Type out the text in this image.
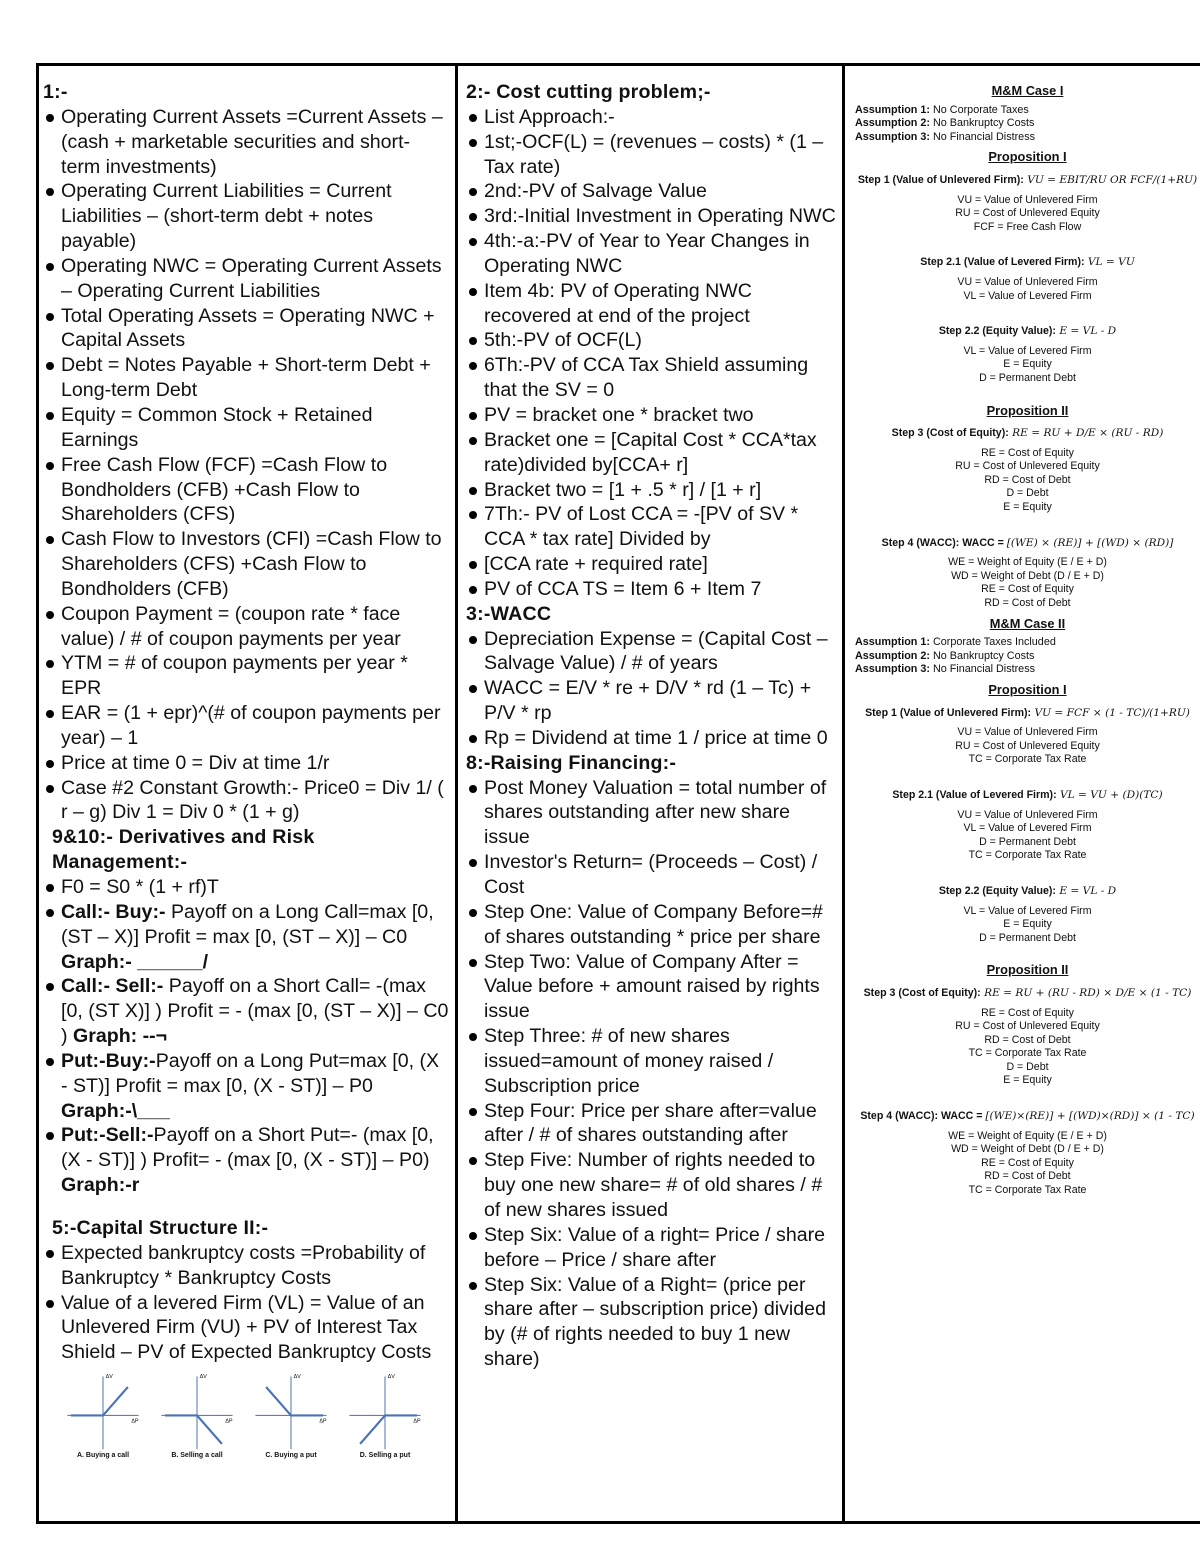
1:-
Operating Current Assets =Current Assets – (cash + marketable securities and short-term investments)
Operating Current Liabilities = Current Liabilities – (short-term debt + notes payable)
Operating NWC = Operating Current Assets – Operating Current Liabilities
Total Operating Assets = Operating NWC + Capital Assets
Debt = Notes Payable + Short-term Debt + Long-term Debt
Equity = Common Stock + Retained Earnings
Free Cash Flow (FCF) =Cash Flow to Bondholders (CFB) +Cash Flow to Shareholders (CFS)
Cash Flow to Investors (CFI) =Cash Flow to Shareholders (CFS) +Cash Flow to Bondholders (CFB)
Coupon Payment = (coupon rate * face value) / # of coupon payments per year
YTM = # of coupon payments per year * EPR
EAR = (1 + epr)^(# of coupon payments per year) – 1
Price at time 0 = Div at time 1/r
Case #2 Constant Growth:- Price0 = Div 1/ ( r – g) Div 1 = Div 0 * (1 + g)
9&10:- Derivatives and Risk Management:-
F0 = S0 * (1 + rf)T
Call:- Buy:- Payoff on a Long Call=max [0, (ST – X)] Profit = max [0, (ST – X)] – C0 Graph:- ______/
Call:- Sell:- Payoff on a Short Call= -(max [0, (ST X)] ) Profit = - (max [0, (ST – X)] – C0 ) Graph: --¬
Put:-Buy:-Payoff on a Long Put=max [0, (X - ST)] Profit = max [0, (X - ST)] – P0
Graph:-\___
Put:-Sell:-Payoff on a Short Put=- (max [0, (X - ST)] ) Profit= - (max [0, (X - ST)] – P0) Graph:-r
5:-Capital Structure II:-
Expected bankruptcy costs =Probability of Bankruptcy * Bankruptcy Costs
Value of a levered Firm (VL) = Value of an Unlevered Firm (VU) + PV of Interest Tax Shield – PV of Expected Bankruptcy Costs
ΔV
ΔP
A. Buying a call
ΔV
ΔP
B. Selling a call
ΔV
ΔP
C. Buying a put
ΔV
ΔP
D. Selling a put
2:- Cost cutting problem;-
List Approach:-
1st;-OCF(L) = (revenues – costs) * (1 – Tax rate)
2nd:-PV of Salvage Value
3rd:-Initial Investment in Operating NWC
4th:-a:-PV of Year to Year Changes in Operating NWC
Item 4b: PV of Operating NWC recovered at end of the project
5th:-PV of OCF(L)
6Th:-PV of CCA Tax Shield assuming that the SV = 0
PV = bracket one * bracket two
Bracket one = [Capital Cost * CCA*tax rate)divided by[CCA+ r]
Bracket two = [1 + .5 * r] / [1 + r]
7Th:- PV of Lost CCA = -[PV of SV * CCA * tax rate] Divided by
[CCA rate + required rate]
PV of CCA TS = Item 6 + Item 7
3:-WACC
Depreciation Expense = (Capital Cost – Salvage Value) / # of years
WACC = E/V * re + D/V * rd (1 – Tc) + P/V * rp
Rp = Dividend at time 1 / price at time 0
8:-Raising Financing:-
Post Money Valuation = total number of shares outstanding after new share issue
Investor's Return= (Proceeds – Cost) / Cost
Step One: Value of Company Before=# of shares outstanding * price per share
Step Two: Value of Company After = Value before + amount raised by rights issue
Step Three: # of new shares issued=amount of money raised / Subscription price
Step Four: Price per share after=value after / # of shares outstanding after
Step Five: Number of rights needed to buy one new share= # of old shares / # of new shares issued
Step Six: Value of a right= Price / share before – Price / share after
Step Six: Value of a Right= (price per share after – subscription price) divided by (# of rights needed to buy 1 new share)
M&M Case I
Assumption 1: No Corporate Taxes
Assumption 2: No Bankruptcy Costs
Assumption 3: No Financial Distress
Proposition I
Step 1 (Value of Unlevered Firm): VU = EBIT/RU OR FCF/(1+RU)
VU = Value of Unlevered Firm
RU = Cost of Unlevered Equity
FCF = Free Cash Flow
Step 2.1 (Value of Levered Firm): VL = VU
VU = Value of Unlevered Firm
VL = Value of Levered Firm
Step 2.2 (Equity Value): E = VL - D
VL = Value of Levered Firm
E = Equity
D = Permanent Debt
Proposition II
Step 3 (Cost of Equity): RE = RU + D/E × (RU - RD)
RE = Cost of Equity
RU = Cost of Unlevered Equity
RD = Cost of Debt
D = Debt
E = Equity
Step 4 (WACC): WACC = [(WE) × (RE)] + [(WD) × (RD)]
WE = Weight of Equity (E / E + D)
WD = Weight of Debt (D / E + D)
RE = Cost of Equity
RD = Cost of Debt
M&M Case II
Assumption 1: Corporate Taxes Included
Assumption 2: No Bankruptcy Costs
Assumption 3: No Financial Distress
Proposition I
Step 1 (Value of Unlevered Firm): VU = FCF × (1 - TC)/(1+RU)
VU = Value of Unlevered Firm
RU = Cost of Unlevered Equity
TC = Corporate Tax Rate
Step 2.1 (Value of Levered Firm): VL = VU + (D)(TC)
VU = Value of Unlevered Firm
VL = Value of Levered Firm
D = Permanent Debt
TC = Corporate Tax Rate
Step 2.2 (Equity Value): E = VL - D
VL = Value of Levered Firm
E = Equity
D = Permanent Debt
Proposition II
Step 3 (Cost of Equity): RE = RU + (RU - RD) × D/E × (1 - TC)
RE = Cost of Equity
RU = Cost of Unlevered Equity
RD = Cost of Debt
TC = Corporate Tax Rate
D = Debt
E = Equity
Step 4 (WACC): WACC = [(WE)×(RE)] + [(WD)×(RD)] × (1 - TC)
WE = Weight of Equity (E / E + D)
WD = Weight of Debt (D / E + D)
RE = Cost of Equity
RD = Cost of Debt
TC = Corporate Tax Rate
